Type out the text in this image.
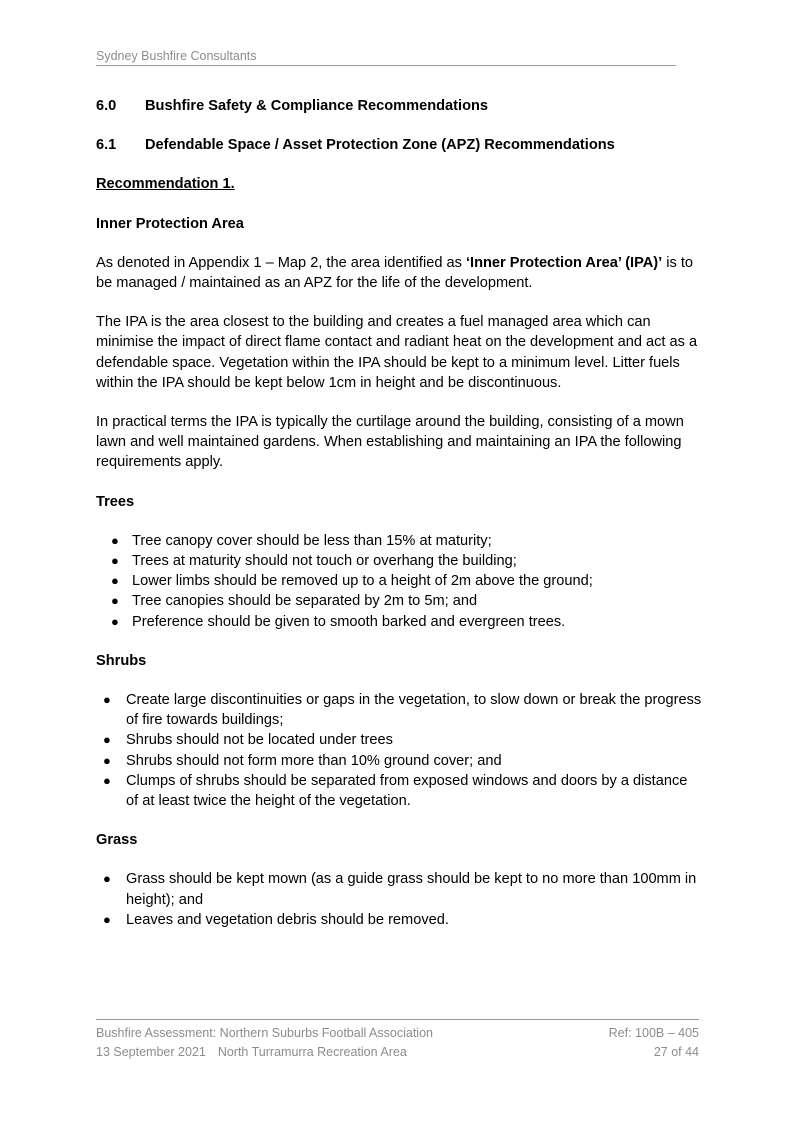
Sydney Bushfire Consultants
6.0 Bushfire Safety & Compliance Recommendations
6.1 Defendable Space / Asset Protection Zone (APZ) Recommendations
Recommendation 1.
Inner Protection Area

As denoted in Appendix 1 – Map 2, the area identified as ‘Inner Protection Area’ (IPA)’ is to be managed / maintained as an APZ for the life of the development.

The IPA is the area closest to the building and creates a fuel managed area which can minimise the impact of direct flame contact and radiant heat on the development and act as a defendable space. Vegetation within the IPA should be kept to a minimum level. Litter fuels within the IPA should be kept below 1cm in height and be discontinuous.

In practical terms the IPA is typically the curtilage around the building, consisting of a mown lawn and well maintained gardens. When establishing and maintaining an IPA the following requirements apply.

Trees
● Tree canopy cover should be less than 15% at maturity;
● Trees at maturity should not touch or overhang the building;
● Lower limbs should be removed up to a height of 2m above the ground;
● Tree canopies should be separated by 2m to 5m; and
● Preference should be given to smooth barked and evergreen trees.
Shrubs
● Create large discontinuities or gaps in the vegetation, to slow down or break the progress of fire towards buildings;
● Shrubs should not be located under trees
● Shrubs should not form more than 10% ground cover; and
● Clumps of shrubs should be separated from exposed windows and doors by a distance of at least twice the height of the vegetation.
Grass
● Grass should be kept mown (as a guide grass should be kept to no more than 100mm in height); and
● Leaves and vegetation debris should be removed.
Bushfire Assessment: Northern Suburbs Football Association	Ref: 100B – 405
13 September 2021 North Turramurra Recreation Area	27 of 44
